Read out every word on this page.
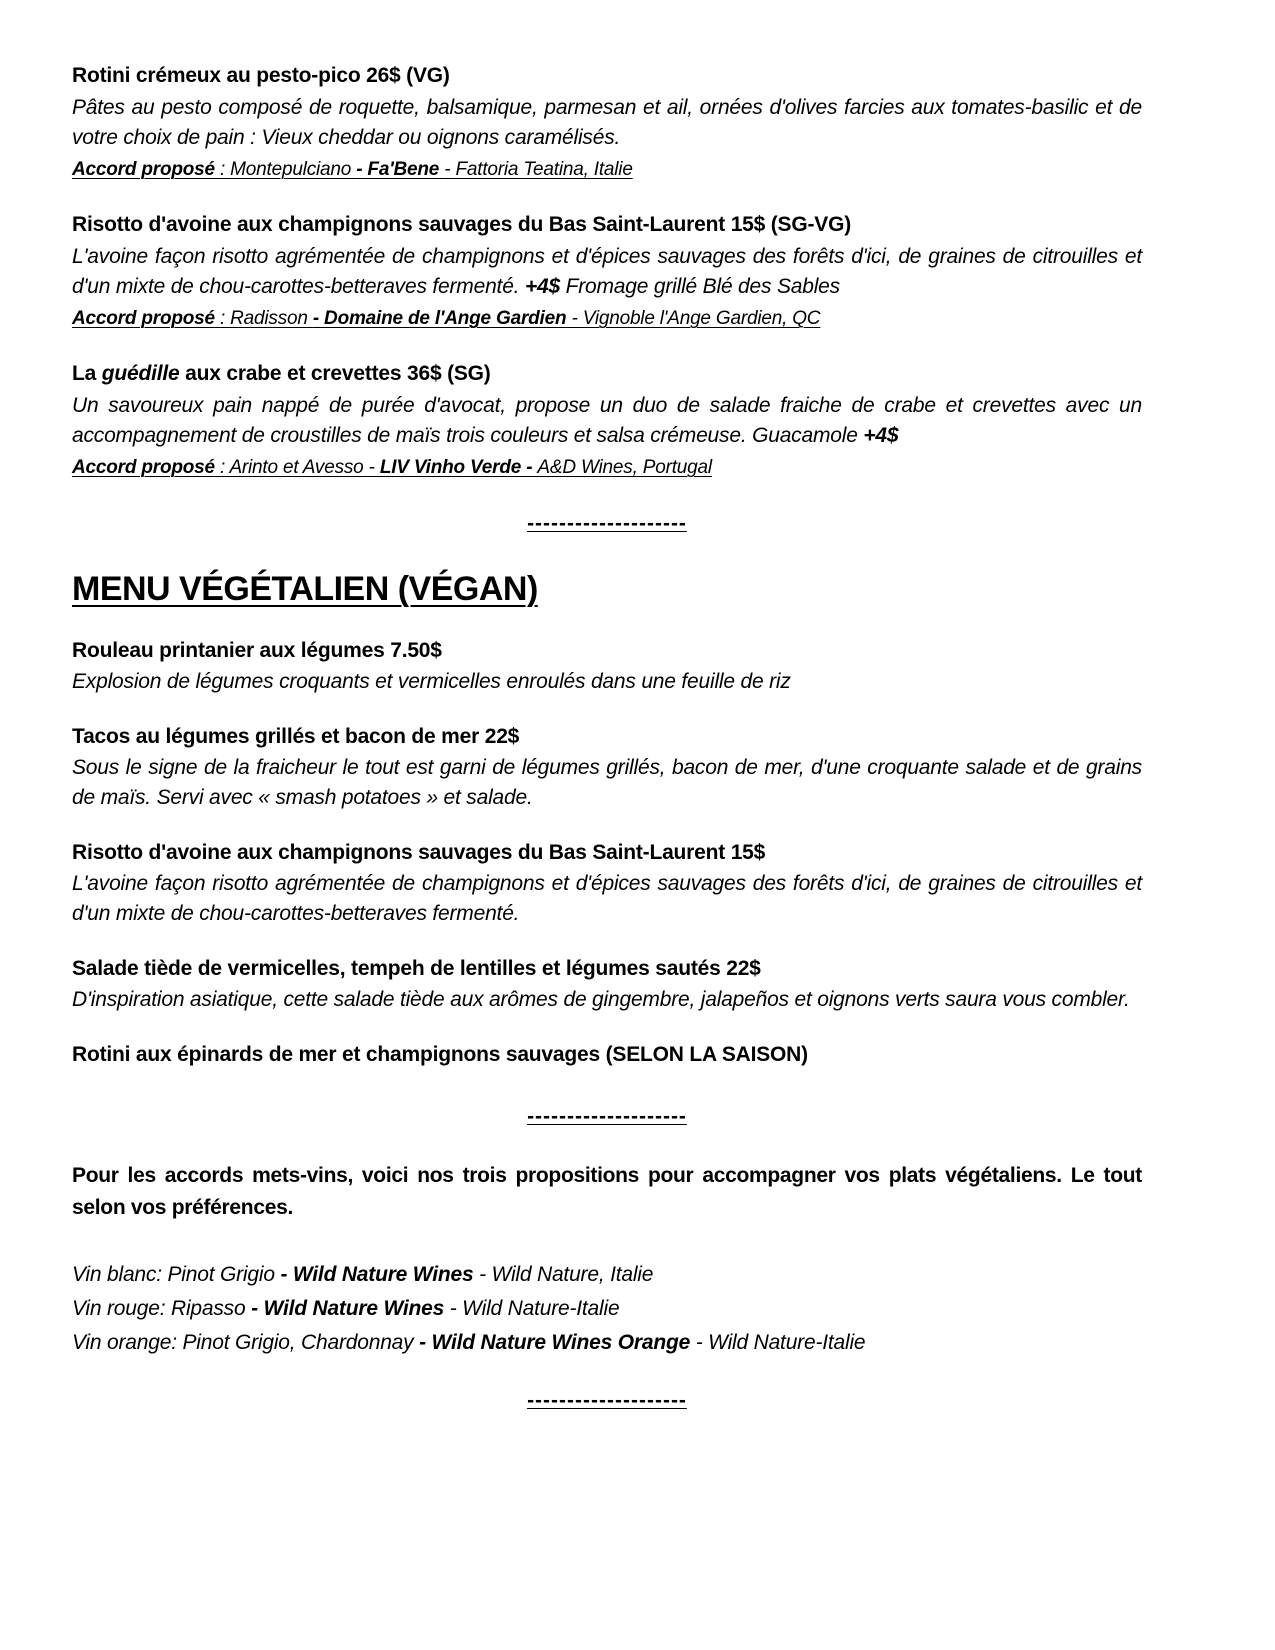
Rotini crémeux au pesto-pico 26$ (VG)

Pâtes au pesto composé de roquette, balsamique, parmesan et ail, ornées d'olives farcies aux tomates-basilic et de votre choix de pain : Vieux cheddar ou oignons caramélisés.

Accord proposé : Montepulciano - Fa'Bene - Fattoria Teatina, Italie

Risotto d'avoine aux champignons sauvages du Bas Saint-Laurent 15$ (SG-VG)

L'avoine façon risotto agrémentée de champignons et d'épices sauvages des forêts d'ici, de graines de citrouilles et d'un mixte de chou-carottes-betteraves fermenté. +4$ Fromage grillé Blé des Sables

Accord proposé : Radisson - Domaine de l'Ange Gardien - Vignoble l'Ange Gardien, QC

La guédille aux crabe et crevettes 36$ (SG)

Un savoureux pain nappé de purée d'avocat, propose un duo de salade fraiche de crabe et crevettes avec un accompagnement de croustilles de maïs trois couleurs et salsa crémeuse. Guacamole +4$

Accord proposé : Arinto et Avesso - LIV Vinho Verde - A&D Wines, Portugal

--------------------

MENU VÉGÉTALIEN (VÉGAN)

Rouleau printanier aux légumes 7.50$

Explosion de légumes croquants et vermicelles enroulés dans une feuille de riz

Tacos au légumes grillés et bacon de mer 22$

Sous le signe de la fraicheur le tout est garni de légumes grillés, bacon de mer, d'une croquante salade et de grains de maïs. Servi avec « smash potatoes » et salade.

Risotto d'avoine aux champignons sauvages du Bas Saint-Laurent 15$

L'avoine façon risotto agrémentée de champignons et d'épices sauvages des forêts d'ici, de graines de citrouilles et d'un mixte de chou-carottes-betteraves fermenté.

Salade tiède de vermicelles, tempeh de lentilles et légumes sautés 22$

D'inspiration asiatique, cette salade tiède aux arômes de gingembre, jalapeños et oignons verts saura vous combler.

Rotini aux épinards de mer et champignons sauvages (SELON LA SAISON)

--------------------

Pour les accords mets-vins, voici nos trois propositions pour accompagner vos plats végétaliens. Le tout selon vos préférences.

Vin blanc: Pinot Grigio - Wild Nature Wines - Wild Nature, Italie

Vin rouge: Ripasso - Wild Nature Wines - Wild Nature-Italie

Vin orange: Pinot Grigio, Chardonnay - Wild Nature Wines Orange - Wild Nature-Italie

--------------------
